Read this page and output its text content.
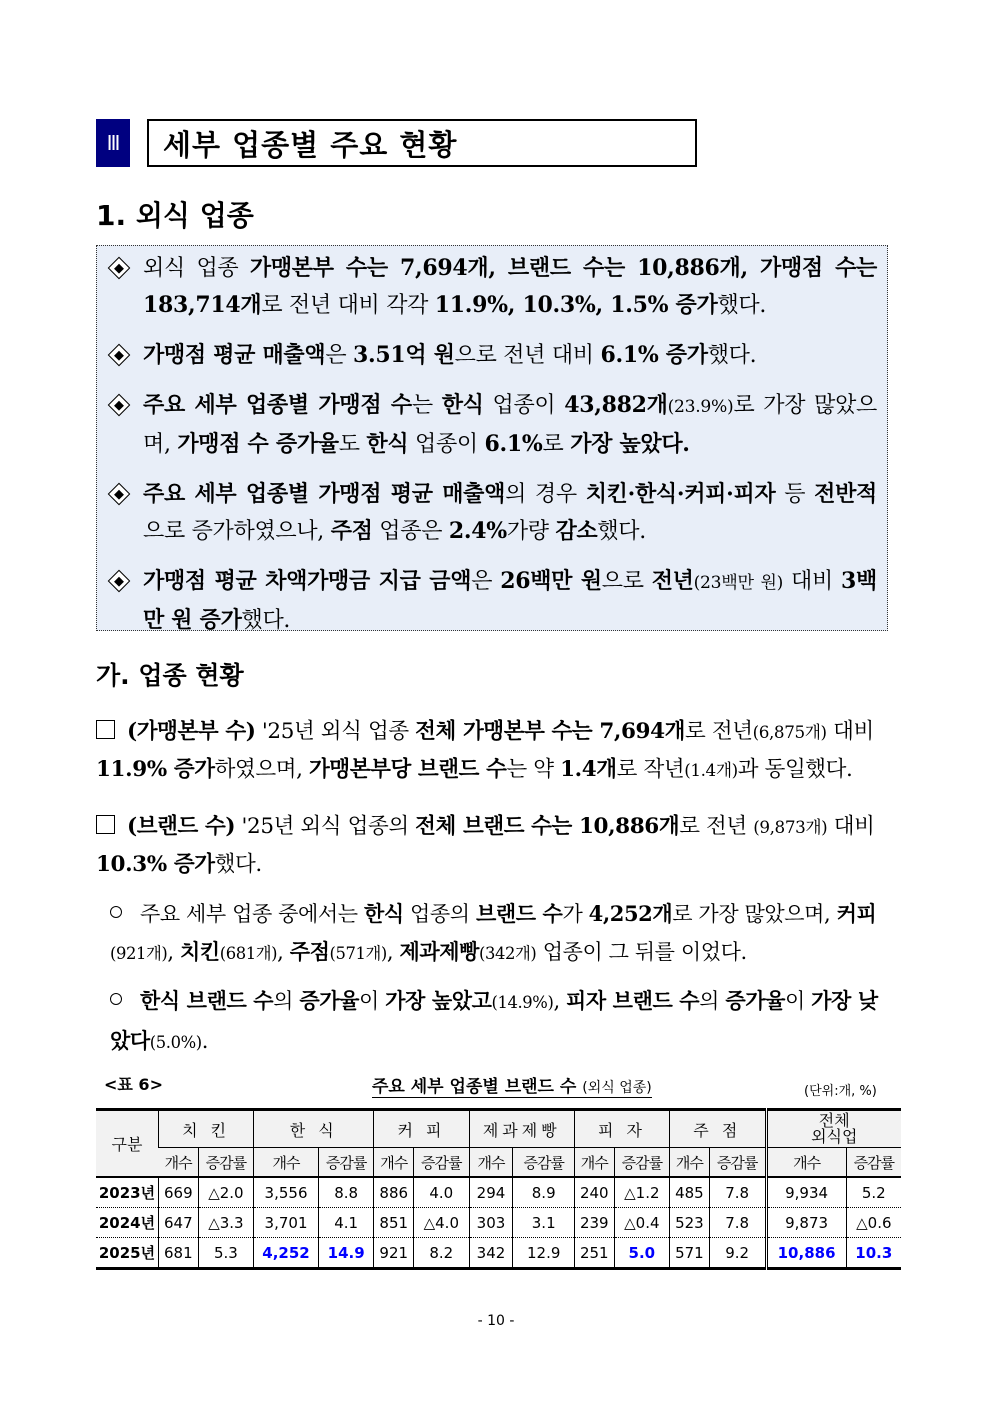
Ⅲ	세부 업종별 주요 현황
1. 외식 업종
외식 업종 가맹본부 수는 7,694개, 브랜드 수는 10,886개, 가맹점 수는 183,714개로 전년 대비 각각 11.9%, 10.3%, 1.5% 증가했다.
가맹점 평균 매출액은 3.51억 원으로 전년 대비 6.1% 증가했다.
주요 세부 업종별 가맹점 수는 한식 업종이 43,882개(23.9%)로 가장 많았으며, 가맹점 수 증가율도 한식 업종이 6.1%로 가장 높았다.
주요 세부 업종별 가맹점 평균 매출액의 경우 치킨·한식·커피·피자 등 전반적으로 증가하였으나, 주점 업종은 2.4%가량 감소했다.
가맹점 평균 차액가맹금 지급 금액은 26백만 원으로 전년(23백만 원) 대비 3백만 원 증가했다.
가. 업종 현황
(가맹본부 수) '25년 외식 업종 전체 가맹본부 수는 7,694개로 전년(6,875개) 대비 11.9% 증가하였으며, 가맹본부당 브랜드 수는 약 1.4개로 작년(1.4개)과 동일했다.
(브랜드 수) '25년 외식 업종의 전체 브랜드 수는 10,886개로 전년 (9,873개) 대비 10.3% 증가했다.
주요 세부 업종 중에서는 한식 업종의 브랜드 수가 4,252개로 가장 많았으며, 커피(921개), 치킨(681개), 주점(571개), 제과제빵(342개) 업종이 그 뒤를 이었다.
한식 브랜드 수의 증가율이 가장 높았고(14.9%), 피자 브랜드 수의 증가율이 가장 낮았다(5.0%).
<표 6>	주요 세부 업종별 브랜드 수 (외식 업종)	(단위:개, %)
구분	치 킨		한 식		커 피		제과제빵		피 자		주 점		전체
외식업	
	개수	증감률	개수	증감률	개수	증감률	개수	증감률	개수	증감률	개수	증감률	개수	증감률
2023년	669	△2.0	3,556	8.8	886	4.0	294	8.9	240	△1.2	485	7.8	9,934	5.2
2024년	647	△3.3	3,701	4.1	851	△4.0	303	3.1	239	△0.4	523	7.8	9,873	△0.6
2025년	681	5.3	4,252	14.9	921	8.2	342	12.9	251	5.0	571	9.2	10,886	10.3
- 10 -
